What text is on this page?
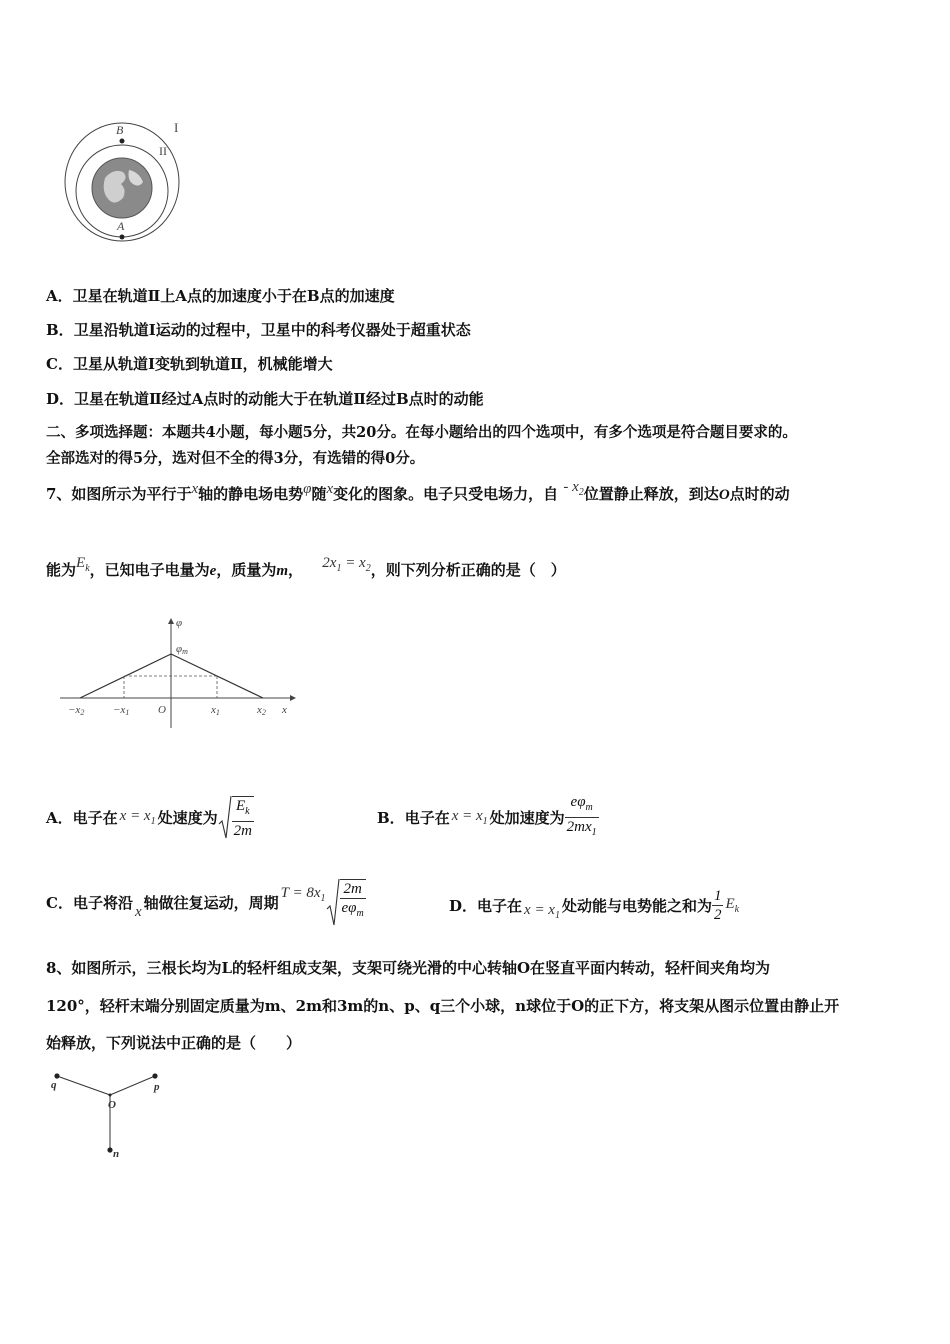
B
A
I
II
A．卫星在轨道Ⅱ上A点的加速度小于在B点的加速度
B．卫星沿轨道Ⅰ运动的过程中，卫星中的科考仪器处于超重状态
C．卫星从轨道Ⅰ变轨到轨道Ⅱ，机械能增大
D．卫星在轨道Ⅱ经过A点时的动能大于在轨道Ⅱ经过B点时的动能
二、多项选择题：本题共4小题，每小题5分，共20分。在每小题给出的四个选项中，有多个选项是符合题目要求的。
全部选对的得5分，选对但不全的得3分，有选错的得0分。
7、如图所示为平行于x轴的静电场电势φ随x变化的图象。电子只受电场力，自 - $x_2$位置静止释放，到达O点时的动
能为$E_k$，已知电子电量为e，质量为m， $2x_1 = x_2$，则下列分析正确的是（　）
φ
φm
−x2	−x1	O	x1	x2 x
A． 电子在 $x = x_1$ 处速度为 $\frac{E_k}{2m}$	B． 电子在 $x = x_1$ 处加速度为 $\frac{e\varphi_m}{2mx_1}$
C． 电子将沿 x 轴做往复运动，周期
$T = 8x_1 \frac{2m}{e\varphi_m}$	D． 电子在 $x = x_1$
处动能与电势能之和为 $\frac{1}{2} E_k$
8、如图所示，三根长均为L的轻杆组成支架，支架可绕光滑的中心转轴O在竖直平面内转动，轻杆间夹角均为
120°，轻杆末端分别固定质量为m、2m和3m的n、p、q三个小球，n球位于O的正下方，将支架从图示位置由静止开
始释放，下列说法中正确的是（　　）
q	p
O
n
